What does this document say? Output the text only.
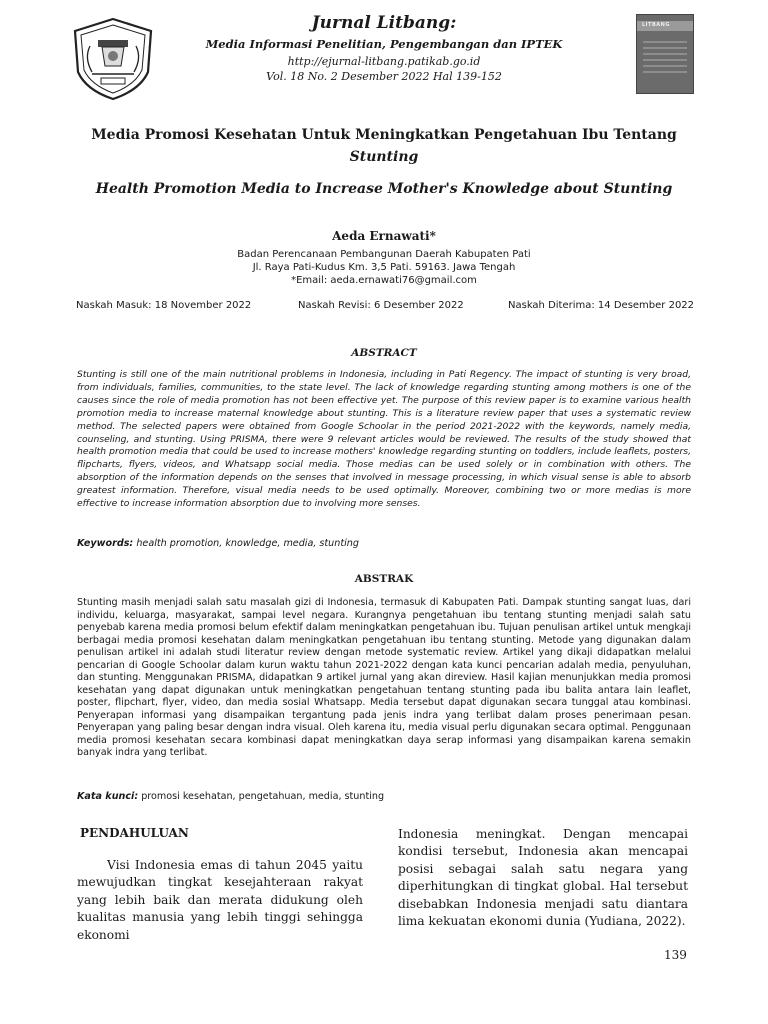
Jurnal Litbang:
Media Informasi Penelitian, Pengembangan dan IPTEK
http://ejurnal-litbang.patikab.go.id
Vol. 18 No. 2 Desember 2022 Hal 139-152
LITBANG
Media Promosi Kesehatan Untuk Meningkatkan Pengetahuan Ibu Tentang
Stunting
Health Promotion Media to Increase Mother's Knowledge about Stunting
Aeda Ernawati*
Badan Perencanaan Pembangunan Daerah Kabupaten Pati
Jl. Raya Pati-Kudus Km. 3,5 Pati. 59163. Jawa Tengah
*Email: aeda.ernawati76@gmail.com
Naskah Masuk: 18 November 2022	Naskah Revisi: 6 Desember 2022	Naskah Diterima: 14 Desember 2022
ABSTRACT
Stunting is still one of the main nutritional problems in Indonesia, including in Pati Regency. The impact of stunting is very broad, from individuals, families, communities, to the state level. The lack of knowledge regarding stunting among mothers is one of the causes since the role of media promotion has not been effective yet. The purpose of this review paper is to examine various health promotion media to increase maternal knowledge about stunting. This is a literature review paper that uses a systematic review method. The selected papers were obtained from Google Schoolar in the period 2021-2022 with the keywords, namely media, counseling, and stunting. Using PRISMA, there were 9 relevant articles would be reviewed. The results of the study showed that health promotion media that could be used to increase mothers' knowledge regarding stunting on toddlers, include leaflets, posters, flipcharts, flyers, videos, and Whatsapp social media. Those medias can be used solely or in combination with others. The absorption of the information depends on the senses that involved in message processing, in which visual sense is able to absorb greatest information. Therefore, visual media needs to be used optimally. Moreover, combining two or more medias is more effective to increase information absorption due to involving more senses.
Keywords: health promotion, knowledge, media, stunting
ABSTRAK
Stunting masih menjadi salah satu masalah gizi di Indonesia, termasuk di Kabupaten Pati. Dampak stunting sangat luas, dari individu, keluarga, masyarakat, sampai level negara. Kurangnya pengetahuan ibu tentang stunting menjadi salah satu penyebab karena media promosi belum efektif dalam meningkatkan pengetahuan ibu. Tujuan penulisan artikel untuk mengkaji berbagai media promosi kesehatan dalam meningkatkan pengetahuan ibu tentang stunting. Metode yang digunakan dalam penulisan artikel ini adalah studi literatur review dengan metode systematic review. Artikel yang dikaji didapatkan melalui pencarian di Google Schoolar dalam kurun waktu tahun 2021-2022 dengan kata kunci pencarian adalah media, penyuluhan, dan stunting. Menggunakan PRISMA, didapatkan 9 artikel jurnal yang akan direview. Hasil kajian menunjukkan media promosi kesehatan yang dapat digunakan untuk meningkatkan pengetahuan tentang stunting pada ibu balita antara lain leaflet, poster, flipchart, flyer, video, dan media sosial Whatsapp. Media tersebut dapat digunakan secara tunggal atau kombinasi. Penyerapan informasi yang disampaikan tergantung pada jenis indra yang terlibat dalam proses penerimaan pesan. Penyerapan yang paling besar dengan indra visual. Oleh karena itu, media visual perlu digunakan secara optimal. Penggunaan media promosi kesehatan secara kombinasi dapat meningkatkan daya serap informasi yang disampaikan karena semakin banyak indra yang terlibat.
Kata kunci: promosi kesehatan, pengetahuan, media, stunting
PENDAHULUAN

Visi Indonesia emas di tahun 2045 yaitu mewujudkan tingkat kesejahteraan rakyat yang lebih baik dan merata didukung oleh kualitas manusia yang lebih tinggi sehingga ekonomi

Indonesia meningkat. Dengan mencapai kondisi tersebut, Indonesia akan mencapai posisi sebagai salah satu negara yang diperhitungkan di tingkat global. Hal tersebut disebabkan Indonesia menjadi satu diantara lima kekuatan ekonomi dunia (Yudiana, 2022).

139
